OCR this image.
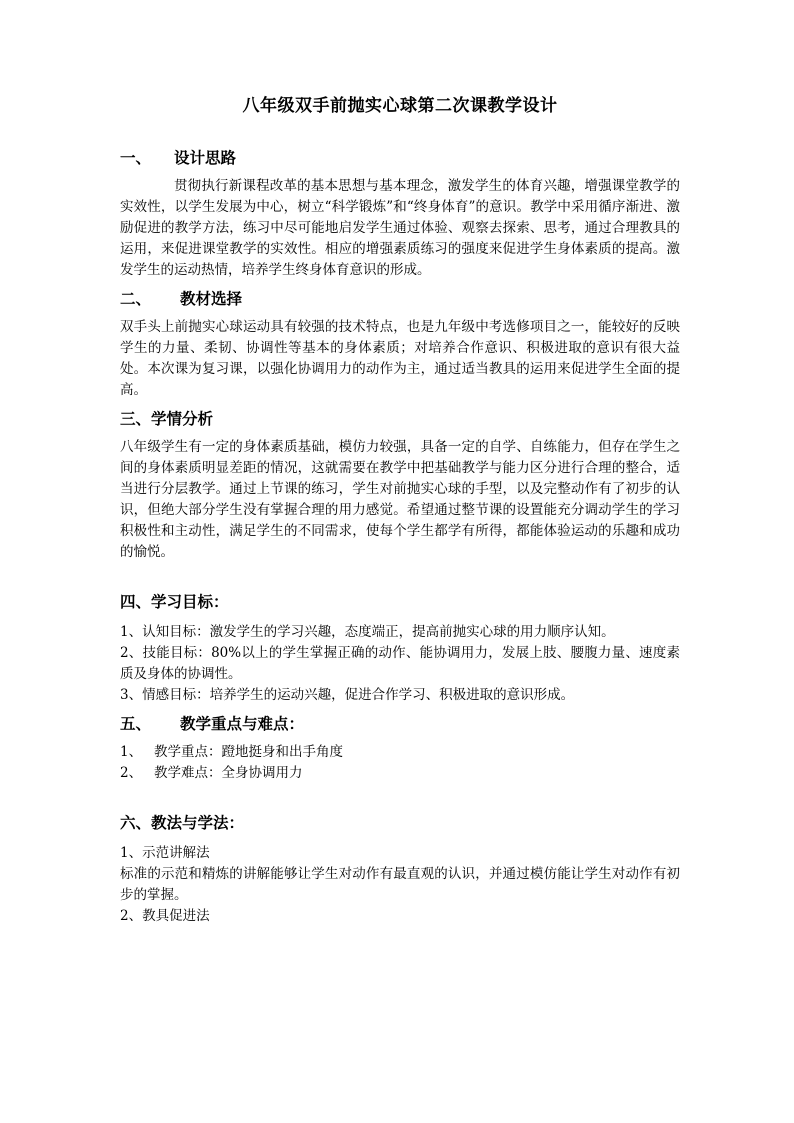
八年级双手前抛实心球第二次课教学设计

一、 设计思路

贯彻执行新课程改革的基本思想与基本理念，激发学生的体育兴趣，增强课堂教学的实效性，以学生发展为中心，树立“科学锻炼”和“终身体育”的意识。教学中采用循序渐进、激励促进的教学方法，练习中尽可能地启发学生通过体验、观察去探索、思考，通过合理教具的运用，来促进课堂教学的实效性。相应的增强素质练习的强度来促进学生身体素质的提高。激发学生的运动热情，培养学生终身体育意识的形成。

二、 教材选择

双手头上前抛实心球运动具有较强的技术特点，也是九年级中考选修项目之一，能较好的反映学生的力量、柔韧、协调性等基本的身体素质；对培养合作意识、积极进取的意识有很大益处。本次课为复习课，以强化协调用力的动作为主，通过适当教具的运用来促进学生全面的提高。

三、学情分析

八年级学生有一定的身体素质基础，模仿力较强，具备一定的自学、自练能力，但存在学生之间的身体素质明显差距的情况，这就需要在教学中把基础教学与能力区分进行合理的整合，适当进行分层教学。通过上节课的练习，学生对前抛实心球的手型，以及完整动作有了初步的认识，但绝大部分学生没有掌握合理的用力感觉。希望通过整节课的设置能充分调动学生的学习积极性和主动性，满足学生的不同需求，使每个学生都学有所得，都能体验运动的乐趣和成功的愉悦。

四、学习目标：

1、认知目标：激发学生的学习兴趣，态度端正，提高前抛实心球的用力顺序认知。

2、技能目标：80%以上的学生掌握正确的动作、能协调用力，发展上肢、腰腹力量、速度素质及身体的协调性。

3、情感目标：培养学生的运动兴趣，促进合作学习、积极进取的意识形成。

五、 教学重点与难点：

1、 教学重点：蹬地挺身和出手角度

2、 教学难点：全身协调用力

六、教法与学法：

1、示范讲解法

标准的示范和精炼的讲解能够让学生对动作有最直观的认识，并通过模仿能让学生对动作有初步的掌握。

2、教具促进法
